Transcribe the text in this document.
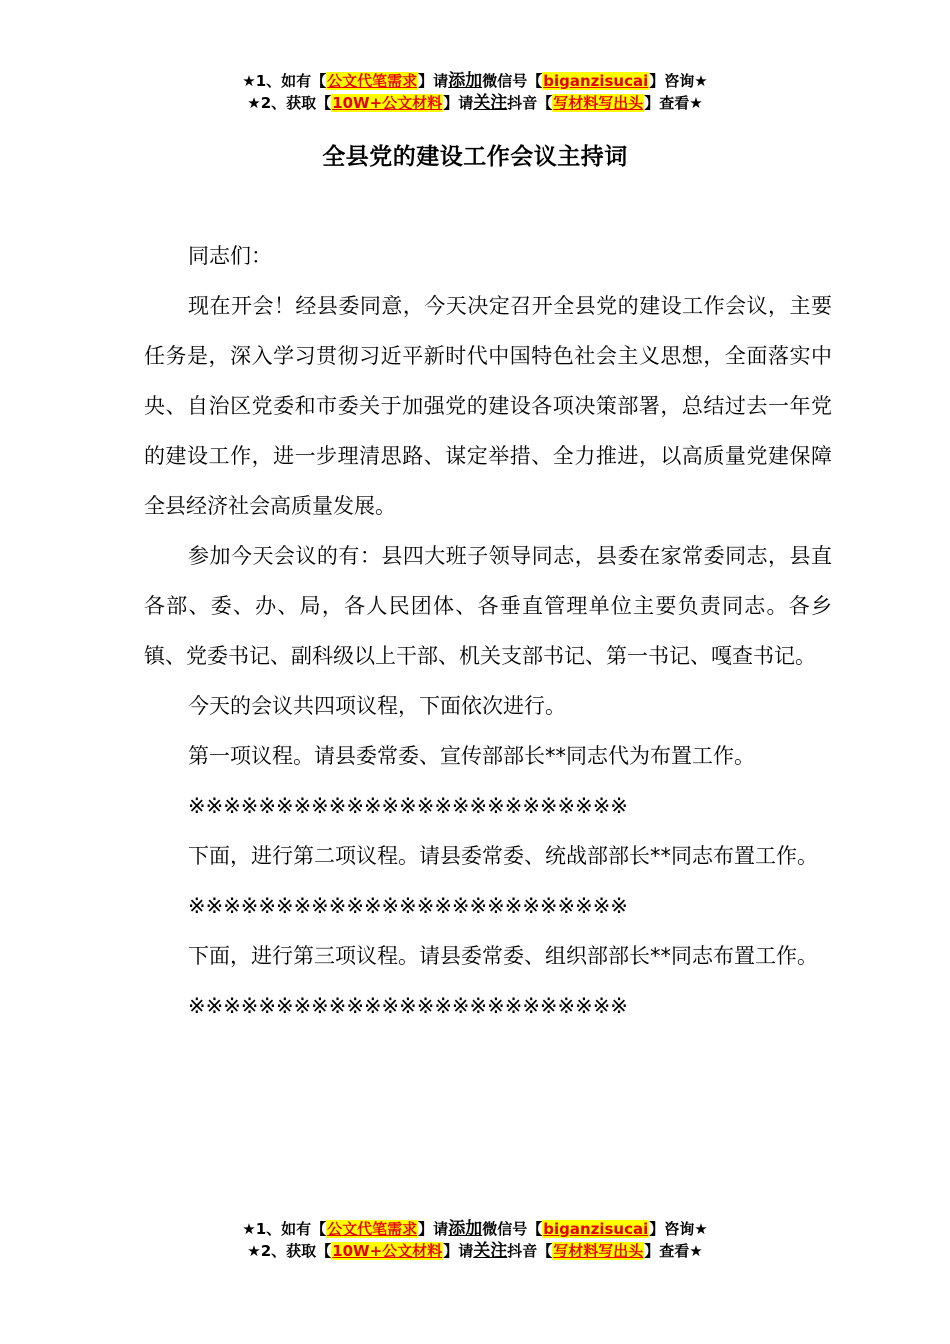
★1、如有【公文代笔需求】请添加微信号【biganzisucai】咨询★
★2、获取【10W+公文材料】请关注抖音【写材料写出头】查看★
全县党的建设工作会议主持词

同志们：

现在开会！经县委同意，今天决定召开全县党的建设工作会议，主要任务是，深入学习贯彻习近平新时代中国特色社会主义思想，全面落实中央、自治区党委和市委关于加强党的建设各项决策部署，总结过去一年党的建设工作，进一步理清思路、谋定举措、全力推进，以高质量党建保障全县经济社会高质量发展。

参加今天会议的有：县四大班子领导同志，县委在家常委同志，县直各部、委、办、局，各人民团体、各垂直管理单位主要负责同志。各乡镇、党委书记、副科级以上干部、机关支部书记、第一书记、嘎查书记。

今天的会议共四项议程，下面依次进行。

第一项议程。请县委常委、宣传部部长**同志代为布置工作。

※※※※※※※※※※※※※※※※※※※※※※※※※

下面，进行第二项议程。请县委常委、统战部部长**同志布置工作。

※※※※※※※※※※※※※※※※※※※※※※※※※

下面，进行第三项议程。请县委常委、组织部部长**同志布置工作。

※※※※※※※※※※※※※※※※※※※※※※※※※

★1、如有【公文代笔需求】请添加微信号【biganzisucai】咨询★
★2、获取【10W+公文材料】请关注抖音【写材料写出头】查看★
